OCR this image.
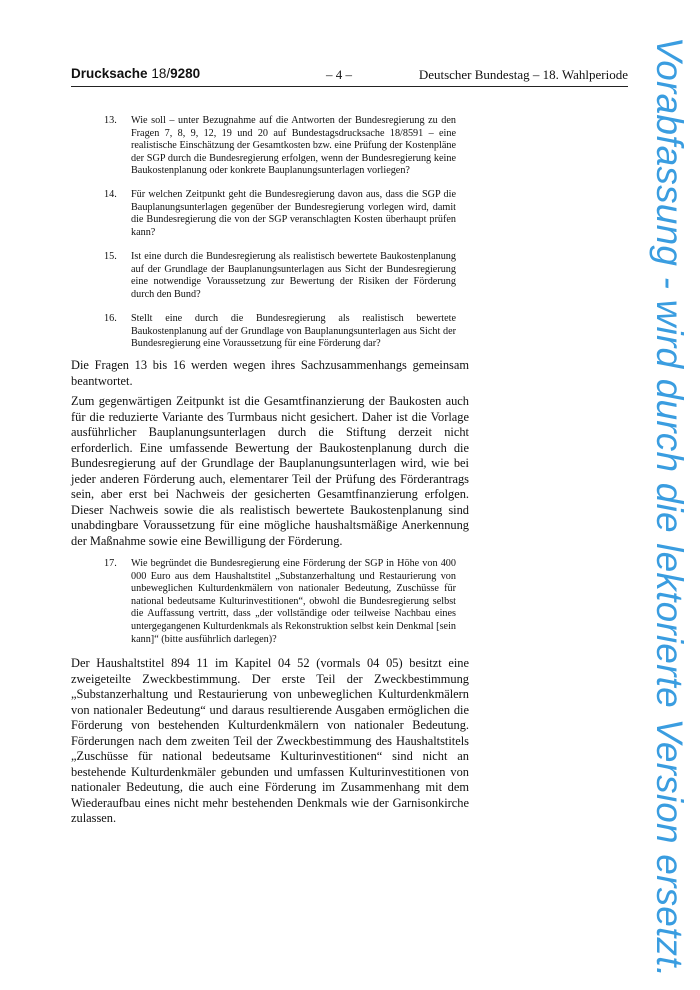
Drucksache 18/9280	– 4 –	Deutscher Bundestag – 18. Wahlperiode
13. Wie soll – unter Bezugnahme auf die Antworten der Bundesregierung zu den Fragen 7, 8, 9, 12, 19 und 20 auf Bundestagsdrucksache 18/8591 – eine realistische Einschätzung der Gesamtkosten bzw. eine Prüfung der Kostenpläne der SGP durch die Bundesregierung erfolgen, wenn der Bundesregierung keine Baukostenplanung oder konkrete Bauplanungsunterlagen vorliegen?
14. Für welchen Zeitpunkt geht die Bundesregierung davon aus, dass die SGP die Bauplanungsunterlagen gegenüber der Bundesregierung vorlegen wird, damit die Bundesregierung die von der SGP veranschlagten Kosten überhaupt prüfen kann?
15. Ist eine durch die Bundesregierung als realistisch bewertete Baukostenplanung auf der Grundlage der Bauplanungsunterlagen aus Sicht der Bundesregierung eine notwendige Voraussetzung zur Bewertung der Risiken der Förderung durch den Bund?
16. Stellt eine durch die Bundesregierung als realistisch bewertete Baukostenplanung auf der Grundlage von Bauplanungsunterlagen aus Sicht der Bundesregierung eine Voraussetzung für eine Förderung dar?
Die Fragen 13 bis 16 werden wegen ihres Sachzusammenhangs gemeinsam beantwortet.
Zum gegenwärtigen Zeitpunkt ist die Gesamtfinanzierung der Baukosten auch für die reduzierte Variante des Turmbaus nicht gesichert. Daher ist die Vorlage ausführlicher Bauplanungsunterlagen durch die Stiftung derzeit nicht erforderlich. Eine umfassende Bewertung der Baukostenplanung durch die Bundesregierung auf der Grundlage der Bauplanungsunterlagen wird, wie bei jeder anderen Förderung auch, elementarer Teil der Prüfung des Förderantrags sein, aber erst bei Nachweis der gesicherten Gesamtfinanzierung erfolgen. Dieser Nachweis sowie die als realistisch bewertete Baukostenplanung sind unabdingbare Voraussetzung für eine mögliche haushaltsmäßige Anerkennung der Maßnahme sowie eine Bewilligung der Förderung.
17. Wie begründet die Bundesregierung eine Förderung der SGP in Höhe von 400 000 Euro aus dem Haushaltstitel „Substanzerhaltung und Restaurierung von unbeweglichen Kulturdenkmälern von nationaler Bedeutung, Zuschüsse für national bedeutsame Kulturinvestitionen“, obwohl die Bundesregierung selbst die Auffassung vertritt, dass „der vollständige oder teilweise Nachbau eines untergegangenen Kulturdenkmals als Rekonstruktion selbst kein Denkmal [sein kann]“ (bitte ausführlich darlegen)?
Der Haushaltstitel 894 11 im Kapitel 04 52 (vormals 04 05) besitzt eine zweigeteilte Zweckbestimmung. Der erste Teil der Zweckbestimmung „Substanzerhaltung und Restaurierung von unbeweglichen Kulturdenkmälern von nationaler Bedeutung“ und daraus resultierende Ausgaben ermöglichen die Förderung von bestehenden Kulturdenkmälern von nationaler Bedeutung. Förderungen nach dem zweiten Teil der Zweckbestimmung des Haushaltstitels „Zuschüsse für national bedeutsame Kulturinvestitionen“ sind nicht an bestehende Kulturdenkmäler gebunden und umfassen Kulturinvestitionen von nationaler Bedeutung, die auch eine Förderung im Zusammenhang mit dem Wiederaufbau eines nicht mehr bestehenden Denkmals wie der Garnisonkirche zulassen.	Vorabfassung - wird durch die lektorierte Version ersetzt.
